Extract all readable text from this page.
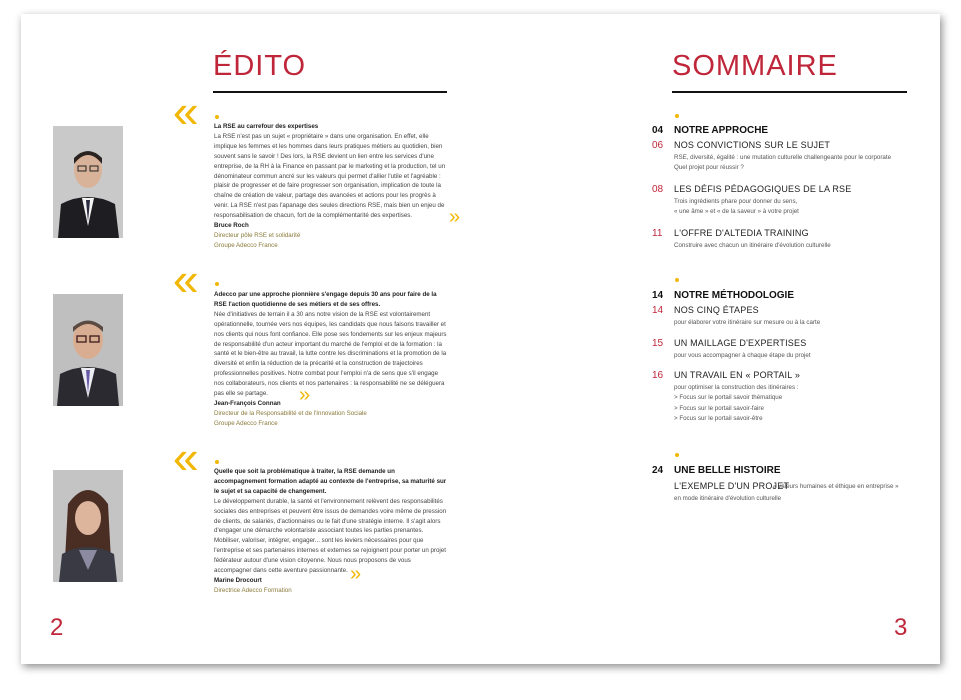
ÉDITO
« La RSE au carrefour des expertises
La RSE n'est pas un sujet « propriétaire » dans une organisation. En effet, elle implique les femmes et les hommes dans leurs pratiques métiers au quotidien, bien souvent sans le savoir ! Des lors, la RSE devient un lien entre les services d'une entreprise, de la RH à la Finance en passant par le marketing et la production, tel un dénominateur commun ancré sur les valeurs qui permet d'allier l'utile et l'agréable : plaisir de progresser et de faire progresser son organisation, implication de toute la chaîne de création de valeur, partage des avancées et actions pour les progrès à venir. La RSE n'est pas l'apanage des seules directions RSE, mais bien un enjeu de responsabilisation de chacun, fort de la complémentarité des expertises.
Bruce Roch
Directeur pôle RSE et solidarité
Groupe Adecco France
»
« Adecco par une approche pionnière s'engage depuis 30 ans pour faire de la RSE l'action quotidienne de ses métiers et de ses offres.
Née d'initiatives de terrain il a 30 ans notre vision de la RSE est volontairement opérationnelle, tournée vers nos équipes, les candidats que nous faisons travailler et nos clients qui nous font confiance. Elle pose ses fondements sur les enjeux majeurs de responsabilité d'un acteur important du marché de l'emploi et de la formation : la santé et le bien-être au travail, la lutte contre les discriminations et la promotion de la diversité et enfin la réduction de la précarité et la construction de trajectoires professionnelles positives. Notre combat pour l'emploi n'a de sens que s'il engage nos collaborateurs, nos clients et nos partenaires : la responsabilité ne se déléguera pas elle se partage.
Jean-François Connan
Directeur de la Responsabilité et de l'Innovation Sociale
Groupe Adecco France
»
« Quelle que soit la problématique à traiter, la RSE demande un accompagnement formation adapté au contexte de l'entreprise, sa maturité sur le sujet et sa capacité de changement.
Le développement durable, la santé et l'environnement relèvent des responsabilités sociales des entreprises et peuvent être issus de demandes voire même de pression de clients, de salariés, d'actionnaires ou le fait d'une stratégie interne. Il s'agit alors d'engager une démarche volontariste associant toutes les parties prenantes. Mobiliser, valoriser, intégrer, engager... sont les leviers nécessaires pour que l'entreprise et ses partenaires internes et externes se rejoignent pour porter un projet fédérateur autour d'une vision citoyenne. Nous nous proposons de vous accompagner dans cette aventure passionnante.
Marine Drocourt
Directrice Adecco Formation
»
2
SOMMAIRE
04 NOTRE APPROCHE
06 NOS CONVICTIONS SUR LE SUJET
RSE, diversité, égalité : une mutation culturelle challengeante pour le corporate
Quel projet pour réussir ?
08 LES DÉFIS PÉDAGOGIQUES DE LA RSE
Trois ingrédients phare pour donner du sens,
« une âme » et « de la saveur » à votre projet
11 L'OFFRE D'ALTEDIA TRAINING
Construire avec chacun un itinéraire d'évolution culturelle
14 NOTRE MÉTHODOLOGIE
14 NOS CINQ ÉTAPES
pour élaborer votre itinéraire sur mesure ou à la carte
15 UN MAILLAGE D'EXPERTISES
pour vous accompagner à chaque étape du projet
16 UN TRAVAIL EN « PORTAIL »
pour optimiser la construction des itinéraires :
> Focus sur le portail savoir thématique
> Focus sur le portail savoir-faire
> Focus sur le portail savoir-être
24 UNE BELLE HISTOIRE
L'EXEMPLE D'UN PROJET
« valeurs humaines et éthique en entreprise »
en mode itinéraire d'évolution culturelle
3
